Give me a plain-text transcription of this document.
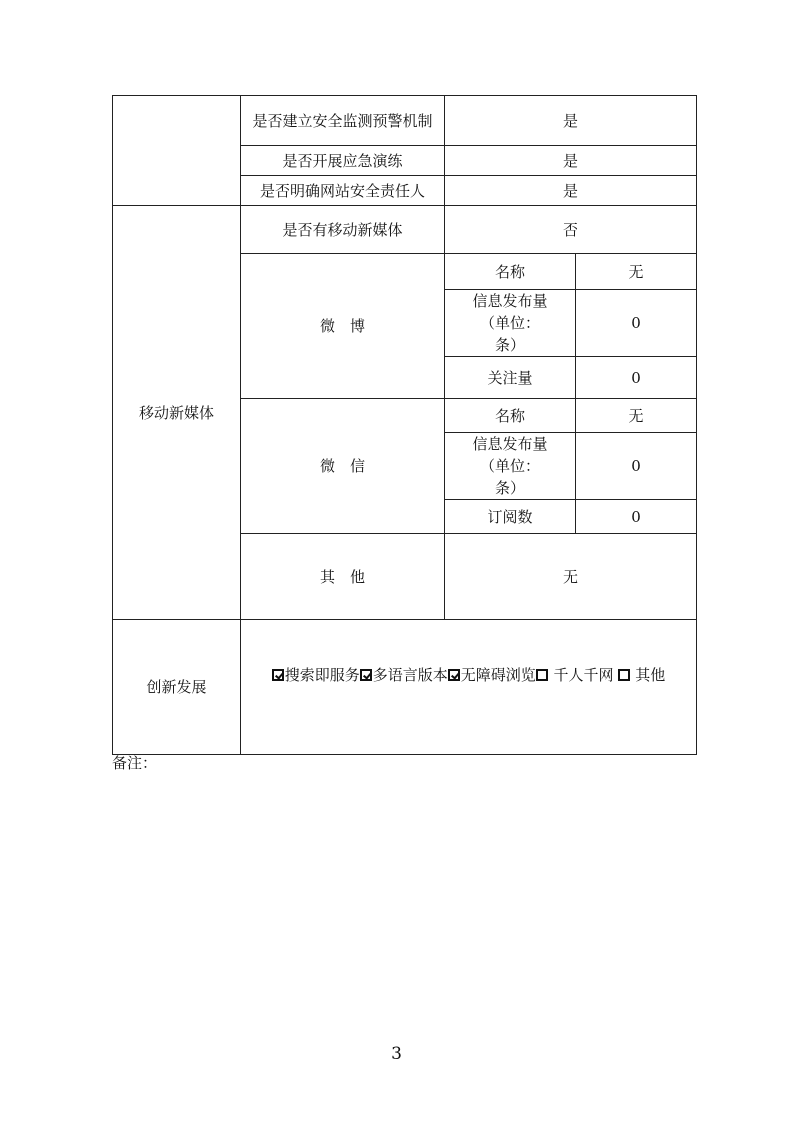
	是否建立安全监测预警机制	是	
	是否开展应急演练	是	
	是否明确网站安全责任人	是	
移动新媒体	是否有移动新媒体	否	
	微　博	名称	无
		信息发布量（单位：条）	0
		关注量	0
	微　信	名称	无
		信息发布量（单位：条）	0
		订阅数	0
	其　他	无	
创新发展	搜索即服务 多语言版本 无障碍浏览 千人千网 其他		
备注：
3
